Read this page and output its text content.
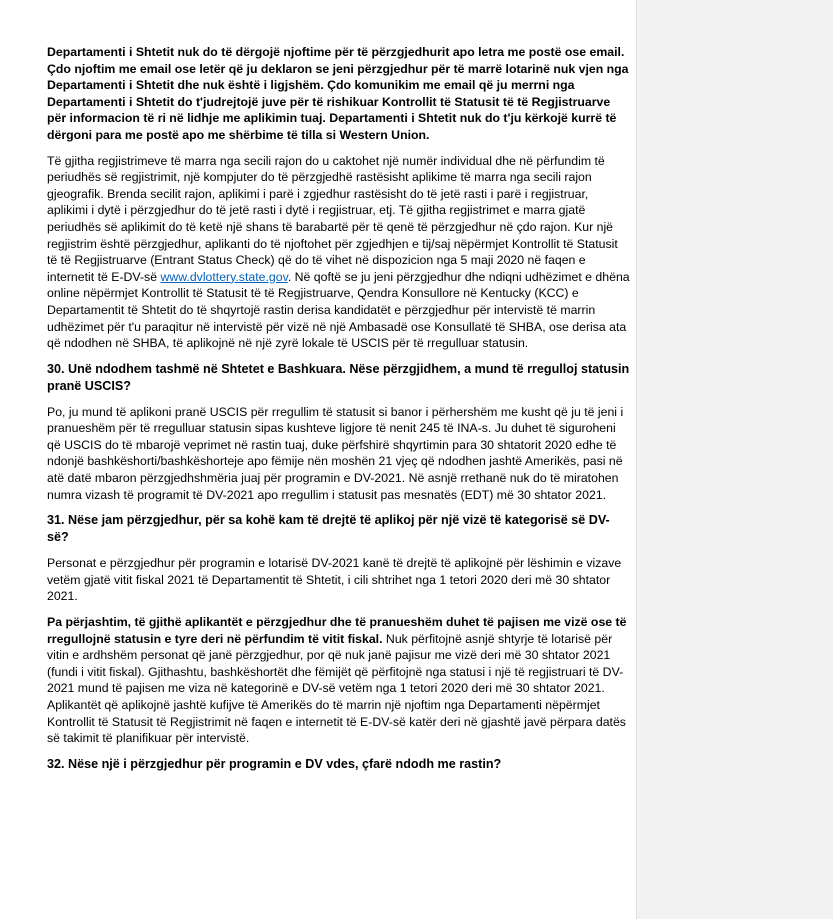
Departamenti i Shtetit nuk do të dërgojë njoftime për të përzgjedhurit apo letra me postë ose email. Çdo njoftim me email ose letër që ju deklaron se jeni përzgjedhur për të marrë lotarinë nuk vjen nga Departamenti i Shtetit dhe nuk është i ligjshëm. Çdo komunikim me email që ju merrni nga Departamenti i Shtetit do t'judrejtojë juve për të rishikuar Kontrollit të Statusit të të Regjistruarve për informacion të ri në lidhje me aplikimin tuaj. Departamenti i Shtetit nuk do t'ju kërkojë kurrë të dërgoni para me postë apo me shërbime të tilla si Western Union.

Të gjitha regjistrimeve të marra nga secili rajon do u caktohet një numër individual dhe në përfundim të periudhës së regjistrimit, një kompjuter do të përzgjedhë rastësisht aplikime të marra nga secili rajon gjeografik. Brenda secilit rajon, aplikimi i parë i zgjedhur rastësisht do të jetë rasti i parë i regjistruar, aplikimi i dytë i përzgjedhur do të jetë rasti i dytë i regjistruar, etj. Të gjitha regjistrimet e marra gjatë periudhës së aplikimit do të ketë një shans të barabartë për të qenë të përzgjedhur në çdo rajon. Kur një regjistrim është përzgjedhur, aplikanti do të njoftohet për zgjedhjen e tij/saj nëpërmjet Kontrollit të Statusit të të Regjistruarve (Entrant Status Check) që do të vihet në dispozicion nga 5 maji 2020 në faqen e internetit të E-DV-së www.dvlottery.state.gov. Në qoftë se ju jeni përzgjedhur dhe ndiqni udhëzimet e dhëna online nëpërmjet Kontrollit të Statusit të të Regjistruarve, Qendra Konsullore në Kentucky (KCC) e Departamentit të Shtetit do të shqyrtojë rastin derisa kandidatët e përzgjedhur për intervistë të marrin udhëzimet për t'u paraqitur në intervistë për vizë në një Ambasadë ose Konsullatë të SHBA, ose derisa ata që ndodhen në SHBA, të aplikojnë në një zyrë lokale të USCIS për të rregulluar statusin.

30. Unë ndodhem tashmë në Shtetet e Bashkuara. Nëse përzgjidhem, a mund të rregulloj statusin pranë USCIS?

Po, ju mund të aplikoni pranë USCIS për rregullim të statusit si banor i përhershëm me kusht që ju të jeni i pranueshëm për të rregulluar statusin sipas kushteve ligjore të nenit 245 të INA-s. Ju duhet të siguroheni që USCIS do të mbarojë veprimet në rastin tuaj, duke përfshirë shqyrtimin para 30 shtatorit 2020 edhe të ndonjë bashkëshorti/bashkëshorteje apo fëmije nën moshën 21 vjeç që ndodhen jashtë Amerikës, pasi në atë datë mbaron përzgjedhshmëria juaj për programin e DV-2021. Në asnjë rrethanë nuk do të miratohen numra vizash të programit të DV-2021 apo rregullim i statusit pas mesnatës (EDT) më 30 shtator 2021.

31. Nëse jam përzgjedhur, për sa kohë kam të drejtë të aplikoj për një vizë të kategorisë së DV-së?

Personat e përzgjedhur për programin e lotarisë DV-2021 kanë të drejtë të aplikojnë për lëshimin e vizave vetëm gjatë vitit fiskal 2021 të Departamentit të Shtetit, i cili shtrihet nga 1 tetori 2020 deri më 30 shtator 2021.

Pa përjashtim, të gjithë aplikantët e përzgjedhur dhe të pranueshëm duhet të pajisen me vizë ose të rregullojnë statusin e tyre deri në përfundim të vitit fiskal. Nuk përfitojnë asnjë shtyrje të lotarisë për vitin e ardhshëm personat që janë përzgjedhur, por që nuk janë pajisur me vizë deri më 30 shtator 2021 (fundi i vitit fiskal). Gjithashtu, bashkëshortët dhe fëmijët që përfitojnë nga statusi i një të regjistruari të DV-2021 mund të pajisen me viza në kategorinë e DV-së vetëm nga 1 tetori 2020 deri më 30 shtator 2021. Aplikantët që aplikojnë jashtë kufijve të Amerikës do të marrin një njoftim nga Departamenti nëpërmjet Kontrollit të Statusit të Regjistrimit në faqen e internetit të E-DV-së katër deri në gjashtë javë përpara datës së takimit të planifikuar për intervistë.

32. Nëse një i përzgjedhur për programin e DV vdes, çfarë ndodh me rastin?
